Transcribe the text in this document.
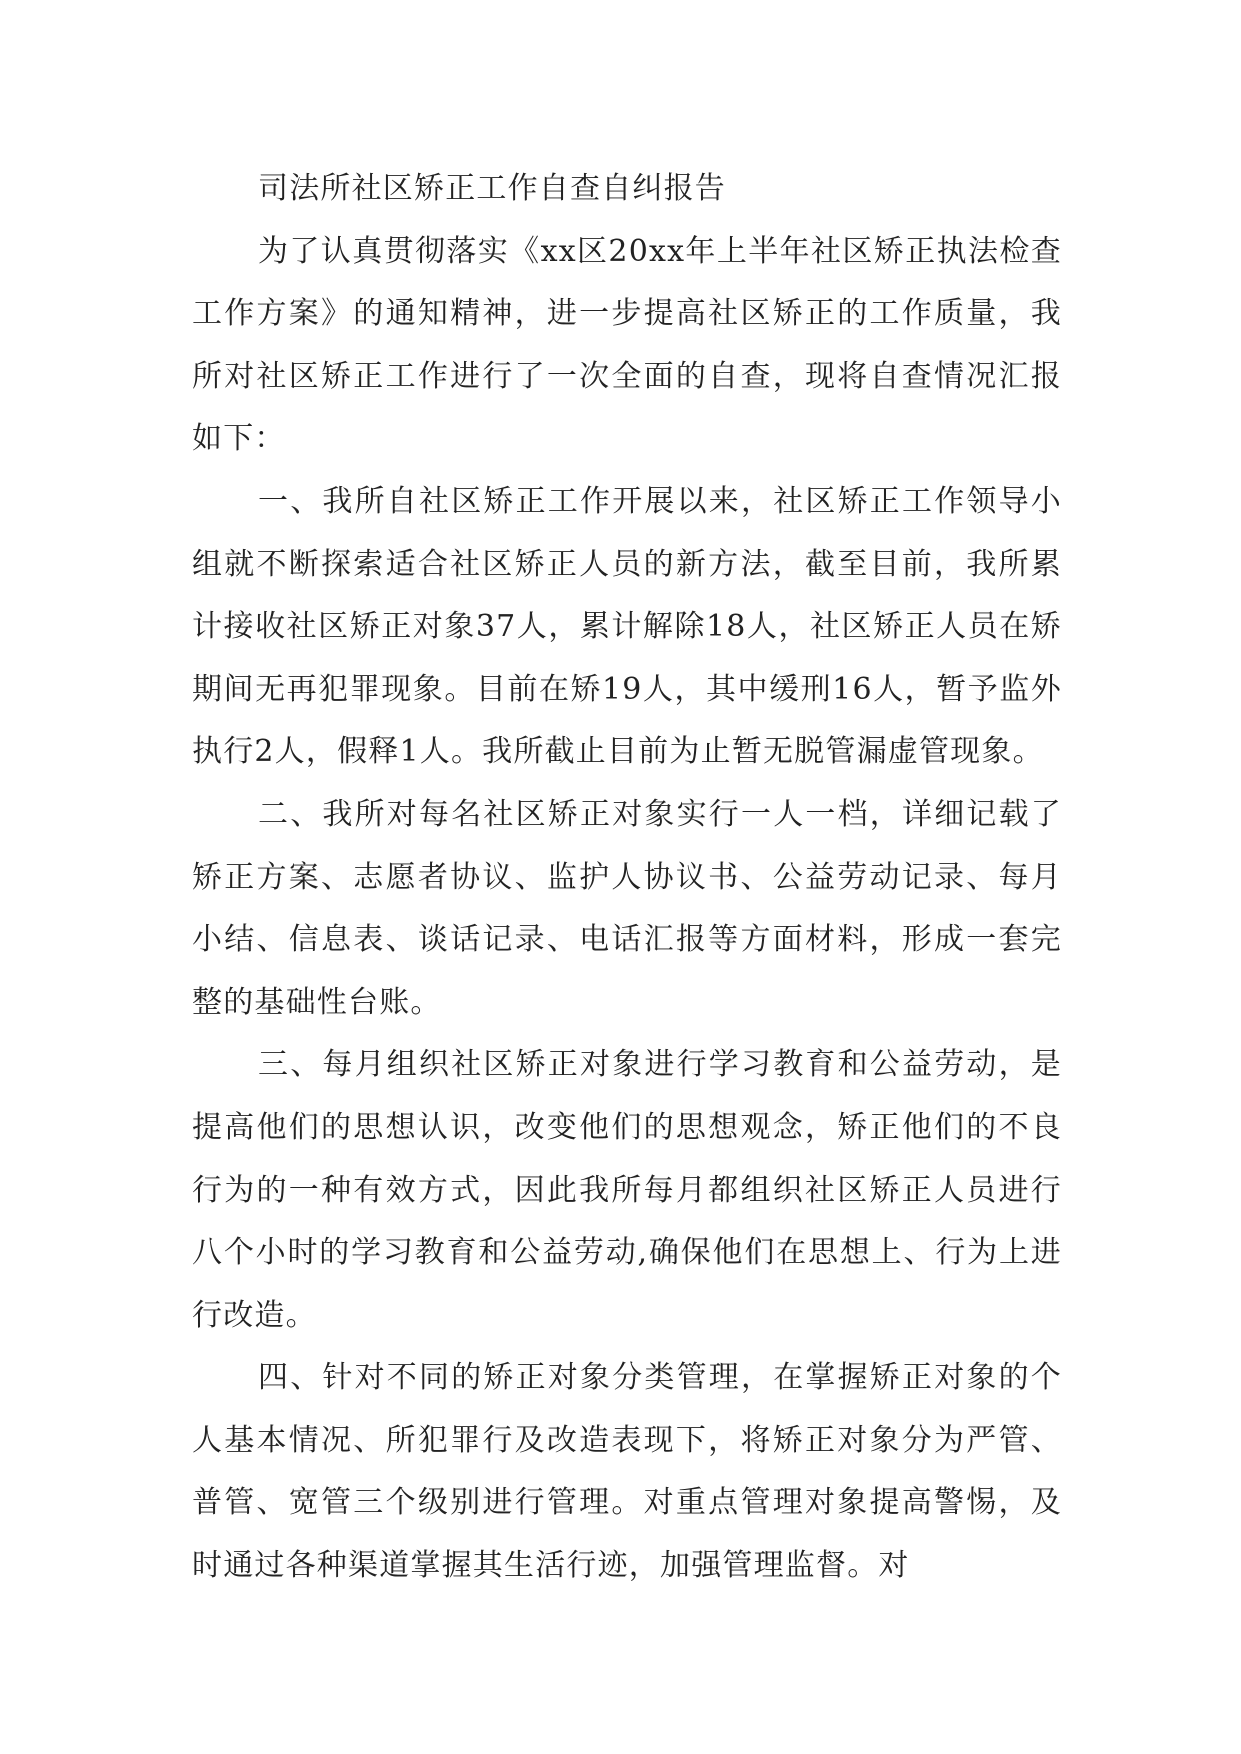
司法所社区矫正工作自查自纠报告

为了认真贯彻落实《xx区20xx年上半年社区矫正执法检查工作方案》的通知精神，进一步提高社区矫正的工作质量，我所对社区矫正工作进行了一次全面的自查，现将自查情况汇报如下：

一、我所自社区矫正工作开展以来，社区矫正工作领导小组就不断探索适合社区矫正人员的新方法，截至目前，我所累计接收社区矫正对象37人，累计解除18人，社区矫正人员在矫期间无再犯罪现象。目前在矫19人，其中缓刑16人，暂予监外执行2人，假释1人。我所截止目前为止暂无脱管漏虚管现象。

二、我所对每名社区矫正对象实行一人一档，详细记载了矫正方案、志愿者协议、监护人协议书、公益劳动记录、每月小结、信息表、谈话记录、电话汇报等方面材料，形成一套完整的基础性台账。

三、每月组织社区矫正对象进行学习教育和公益劳动，是提高他们的思想认识，改变他们的思想观念，矫正他们的不良行为的一种有效方式，因此我所每月都组织社区矫正人员进行八个小时的学习教育和公益劳动,确保他们在思想上、行为上进行改造。

四、针对不同的矫正对象分类管理，在掌握矫正对象的个人基本情况、所犯罪行及改造表现下，将矫正对象分为严管、普管、宽管三个级别进行管理。对重点管理对象提高警惕，及时通过各种渠道掌握其生活行迹，加强管理监督。对
